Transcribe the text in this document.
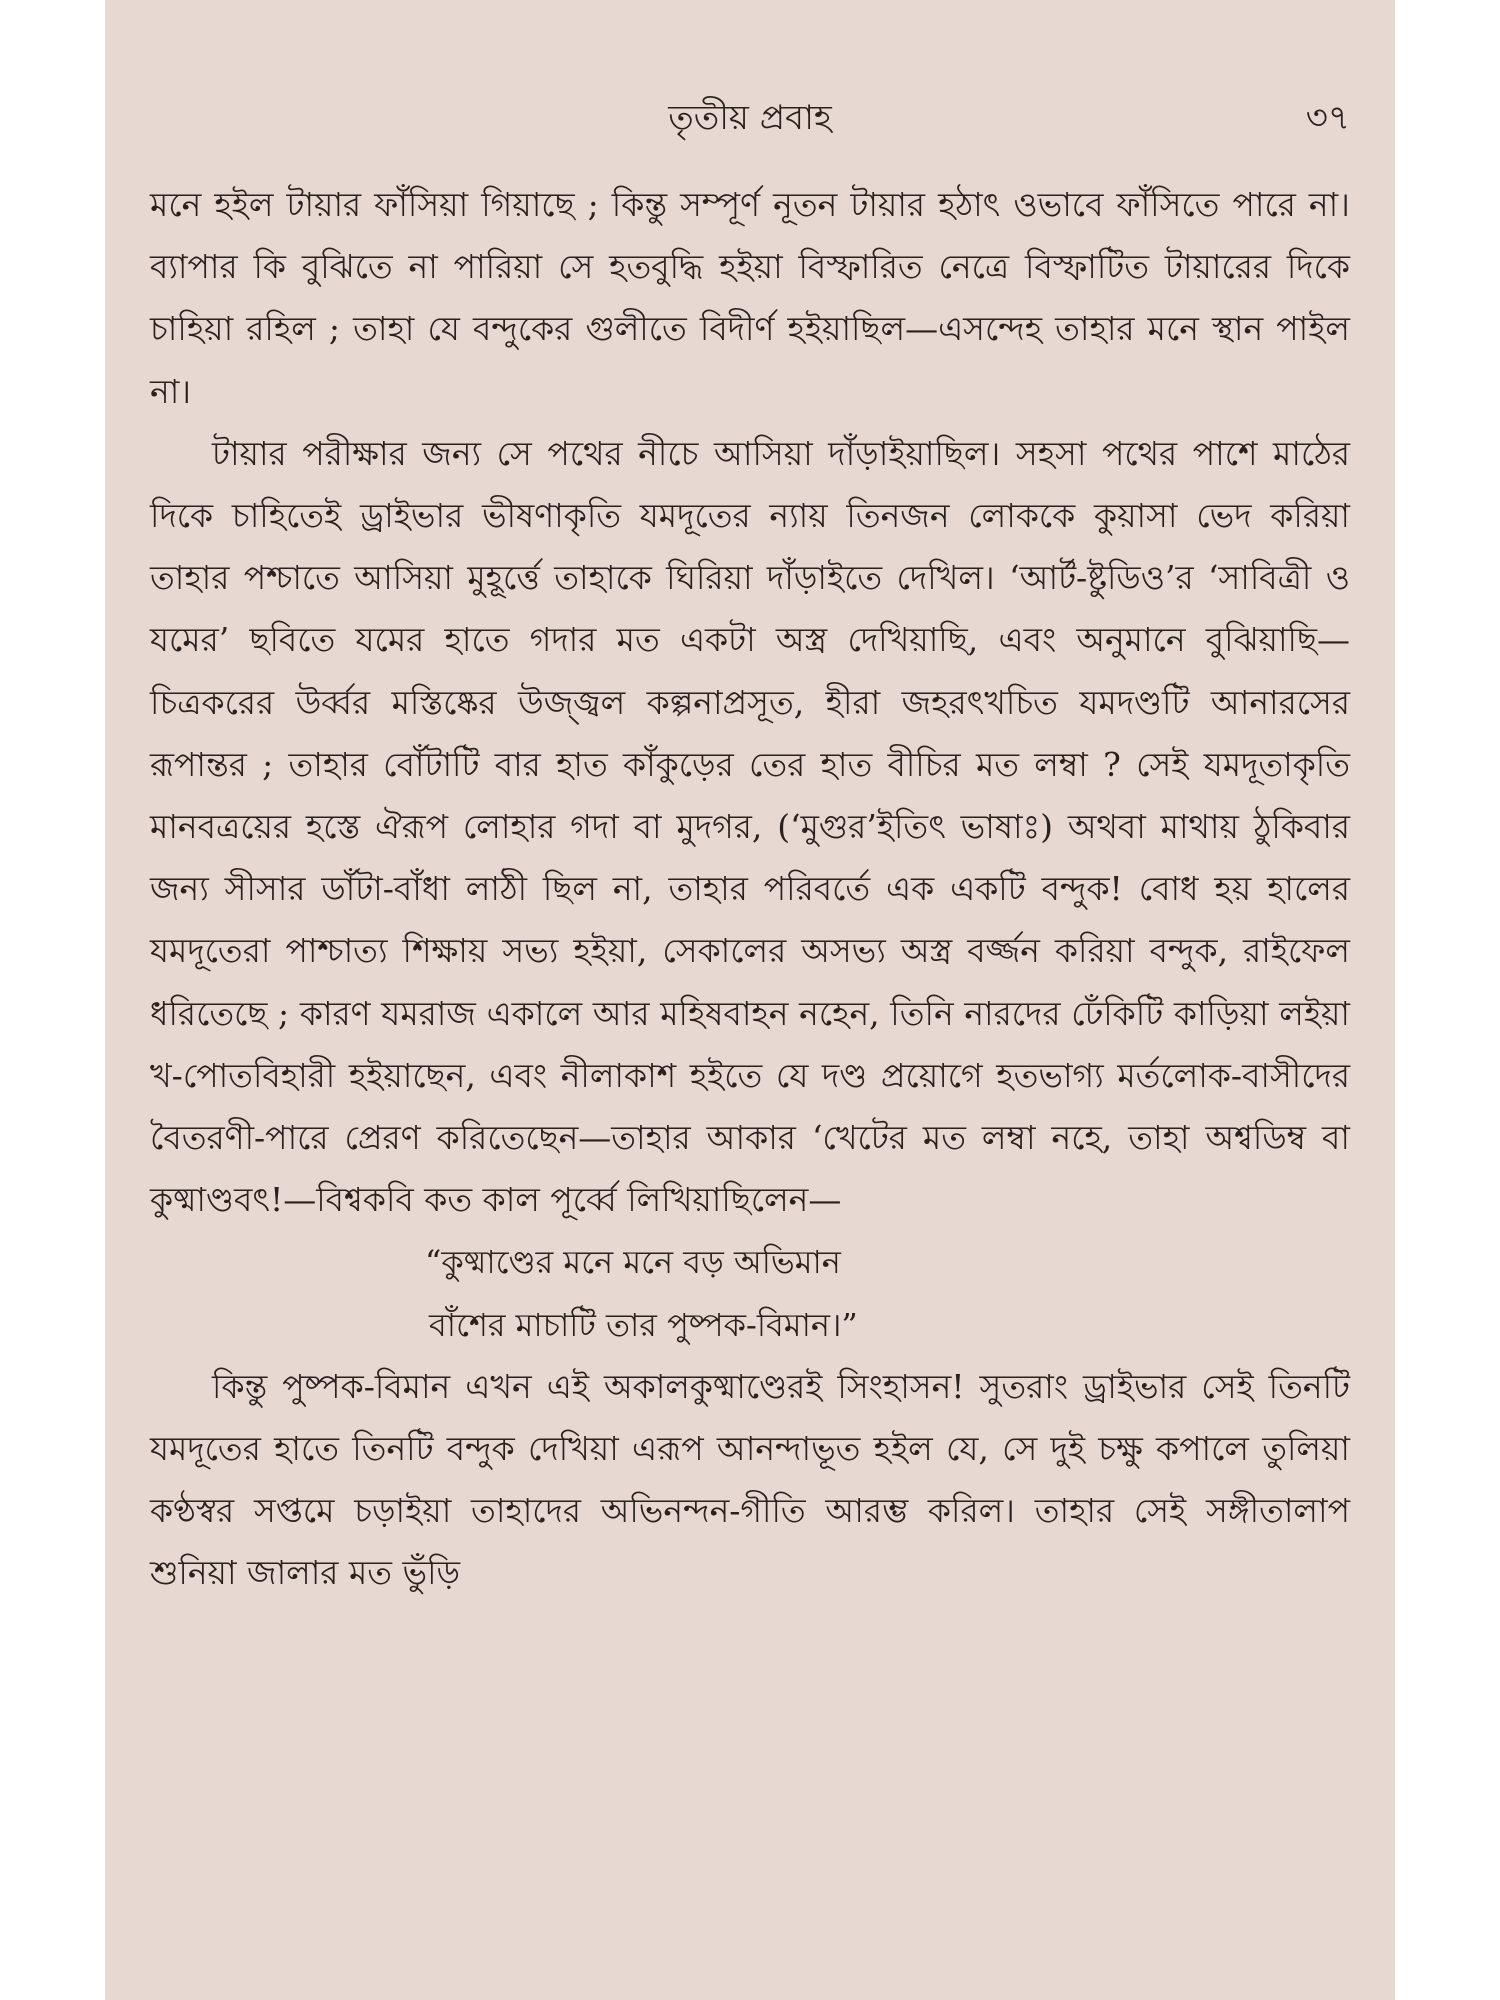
তৃতীয় প্রবাহ	৩৭

মনে হইল টায়ার ফাঁসিয়া গিয়াছে ; কিন্তু সম্পূর্ণ নূতন টায়ার হঠাৎ ওভাবে ফাঁসিতে পারে না। ব্যাপার কি বুঝিতে না পারিয়া সে হতবুদ্ধি হইয়া বিস্ফারিত নেত্রে বিস্ফাটিত টায়ারের দিকে চাহিয়া রহিল ; তাহা যে বন্দুকের গুলীতে বিদীর্ণ হইয়াছিল—এসন্দেহ তাহার মনে স্থান পাইল না।

টায়ার পরীক্ষার জন্য সে পথের নীচে আসিয়া দাঁড়াইয়াছিল। সহসা পথের পাশে মাঠের দিকে চাহিতেই ড্রাইভার ভীষণাকৃতি যমদূতের ন্যায় তিনজন লোককে কুয়াসা ভেদ করিয়া তাহার পশ্চাতে আসিয়া মুহূর্ত্তে তাহাকে ঘিরিয়া দাঁড়াইতে দেখিল। ‘আর্ট-ষ্টুডিও’র ‘সাবিত্রী ও যমের’ ছবিতে যমের হাতে গদার মত একটা অস্ত্র দেখিয়াছি, এবং অনুমানে বুঝিয়াছি—চিত্রকরের উর্ব্বর মস্তিষ্কের উজ্জ্বল কল্পনাপ্রসূত, হীরা জহরৎখচিত যমদণ্ডটি আনারসের রূপান্তর ; তাহার বোঁটাটি বার হাত কাঁকুড়ের তের হাত বীচির মত লম্বা ? সেই যমদূতাকৃতি মানবত্রয়ের হস্তে ঐরূপ লোহার গদা বা মুদগর, (‘মুগুর’ইতিৎ ভাষাঃ) অথবা মাথায় ঠুকিবার জন্য সীসার ডাঁটা-বাঁধা লাঠী ছিল না, তাহার পরিবর্তে এক একটি বন্দুক! বোধ হয় হালের যমদূতেরা পাশ্চাত্য শিক্ষায় সভ্য হইয়া, সেকালের অসভ্য অস্ত্র বর্জ্জন করিয়া বন্দুক, রাইফেল ধরিতেছে ; কারণ যমরাজ একালে আর মহিষবাহন নহেন, তিনি নারদের ঢেঁকিটি কাড়িয়া লইয়া খ-পোতবিহারী হইয়াছেন, এবং নীলাকাশ হইতে যে দণ্ড প্রয়োগে হতভাগ্য মর্তলোক-বাসীদের বৈতরণী-পারে প্রেরণ করিতেছেন—তাহার আকার ‘খেটের মত লম্বা নহে, তাহা অশ্বডিম্ব বা কুষ্মাণ্ডবৎ!—বিশ্বকবি কত কাল পূর্ব্বে লিখিয়াছিলেন—

“কুষ্মাণ্ডের মনে মনে বড় অভিমান
বাঁশের মাচাটি তার পুষ্পক-বিমান।”

কিন্তু পুষ্পক-বিমান এখন এই অকালকুষ্মাণ্ডেরই সিংহাসন! সুতরাং ড্রাইভার সেই তিনটি যমদূতের হাতে তিনটি বন্দুক দেখিয়া এরূপ আনন্দাভূত হইল যে, সে দুই চক্ষু কপালে তুলিয়া কণ্ঠস্বর সপ্তমে চড়াইয়া তাহাদের অভিনন্দন-গীতি আরম্ভ করিল। তাহার সেই সঙ্গীতালাপ শুনিয়া জালার মত ভুঁড়ি
